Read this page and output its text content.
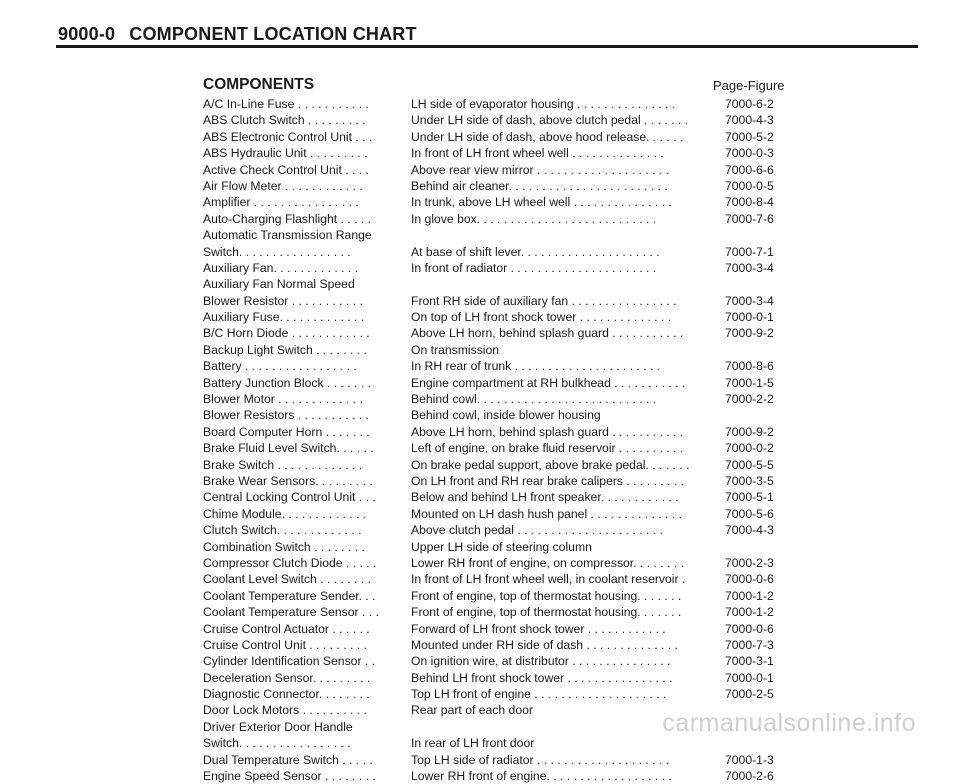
9000-0 COMPONENT LOCATION CHART
COMPONENTS	Page-Figure
A/C In-Line Fuse . . . . . . . . . . .	LH side of evaporator housing . . . . . . . . . . . . . . .	7000-6-2
ABS Clutch Switch . . . . . . . . .	Under LH side of dash, above clutch pedal . . . . . . .	7000-4-3
ABS Electronic Control Unit . . .	Under LH side of dash, above hood release. . . . . .	7000-5-2
ABS Hydraulic Unit . . . . . . . . .	In front of LH front wheel well . . . . . . . . . . . . . .	7000-0-3
Active Check Control Unit . . . .	Above rear view mirror . . . . . . . . . . . . . . . . . . . .	7000-6-6
Air Flow Meter . . . . . . . . . . . .	Behind air cleaner. . . . . . . . . . . . . . . . . . . . . . . .	7000-0-5
Amplifier . . . . . . . . . . . . . . . .	In trunk, above LH wheel well . . . . . . . . . . . . . . .	7000-8-4
Auto-Charging Flashlight . . . . .	In glove box. . . . . . . . . . . . . . . . . . . . . . . . . . .	7000-7-6
Automatic Transmission Range
Switch. . . . . . . . . . . . . . . . .	At base of shift lever. . . . . . . . . . . . . . . . . . . . .	7000-7-1
Auxiliary Fan. . . . . . . . . . . . .	In front of radiator . . . . . . . . . . . . . . . . . . . . . .	7000-3-4
Auxiliary Fan Normal Speed
Blower Resistor . . . . . . . . . . .	Front RH side of auxiliary fan . . . . . . . . . . . . . . . .	7000-3-4
Auxiliary Fuse. . . . . . . . . . . . .	On top of LH front shock tower . . . . . . . . . . . . . .	7000-0-1
B/C Horn Diode . . . . . . . . . . . .	Above LH horn, behind splash guard . . . . . . . . . . .	7000-9-2
Backup Light Switch . . . . . . . .	On transmission
Battery . . . . . . . . . . . . . . . . .	In RH rear of trunk . . . . . . . . . . . . . . . . . . . . . .	7000-8-6
Battery Junction Block . . . . . . .	Engine compartment at RH bulkhead . . . . . . . . . . .	7000-1-5
Blower Motor . . . . . . . . . . . . .	Behind cowl. . . . . . . . . . . . . . . . . . . . . . . . . . .	7000-2-2
Blower Resistors . . . . . . . . . . .	Behind cowl, inside blower housing
Board Computer Horn . . . . . . .	Above LH horn, behind splash guard . . . . . . . . . . .	7000-9-2
Brake Fluid Level Switch. . . . . .	Left of engine, on brake fluid reservoir . . . . . . . . . .	7000-0-2
Brake Switch . . . . . . . . . . . . .	On brake pedal support, above brake pedal. . . . . . .	7000-5-5
Brake Wear Sensors. . . . . . . . .	On LH front and RH rear brake calipers . . . . . . . . .	7000-3-5
Central Locking Control Unit . . .	Below and behind LH front speaker. . . . . . . . . . . .	7000-5-1
Chime Module. . . . . . . . . . . . .	Mounted on LH dash hush panel . . . . . . . . . . . . . .	7000-5-6
Clutch Switch. . . . . . . . . . . . .	Above clutch pedal . . . . . . . . . . . . . . . . . . . . . .	7000-4-3
Combination Switch . . . . . . . .	Upper LH side of steering column
Compressor Clutch Diode . . . . .	Lower RH front of engine, on compressor. . . . . . . .	7000-2-3
Coolant Level Switch . . . . . . . .	In front of LH front wheel well, in coolant reservoir .	7000-0-6
Coolant Temperature Sender. . .	Front of engine, top of thermostat housing. . . . . . .	7000-1-2
Coolant Temperature Sensor . . .	Front of engine, top of thermostat housing. . . . . . .	7000-1-2
Cruise Control Actuator . . . . . .	Forward of LH front shock tower . . . . . . . . . . . .	7000-0-6
Cruise Control Unit . . . . . . . . .	Mounted under RH side of dash . . . . . . . . . . . . . .	7000-7-3
Cylinder Identification Sensor . .	On ignition wire, at distributor . . . . . . . . . . . . . . .	7000-3-1
Deceleration Sensor. . . . . . . . .	Behind LH front shock tower . . . . . . . . . . . . . . . .	7000-0-1
Diagnostic Connector. . . . . . . .	Top LH front of engine . . . . . . . . . . . . . . . . . . . .	7000-2-5
Door Lock Motors . . . . . . . . . .	Rear part of each door
Driver Exterior Door Handle
Switch. . . . . . . . . . . . . . . . .	In rear of LH front door
Dual Temperature Switch . . . . .	Top LH side of radiator . . . . . . . . . . . . . . . . . . . .	7000-1-3
Engine Speed Sensor . . . . . . . .	Lower RH front of engine. . . . . . . . . . . . . . . . . . .	7000-2-6
carmanualsonline.info
